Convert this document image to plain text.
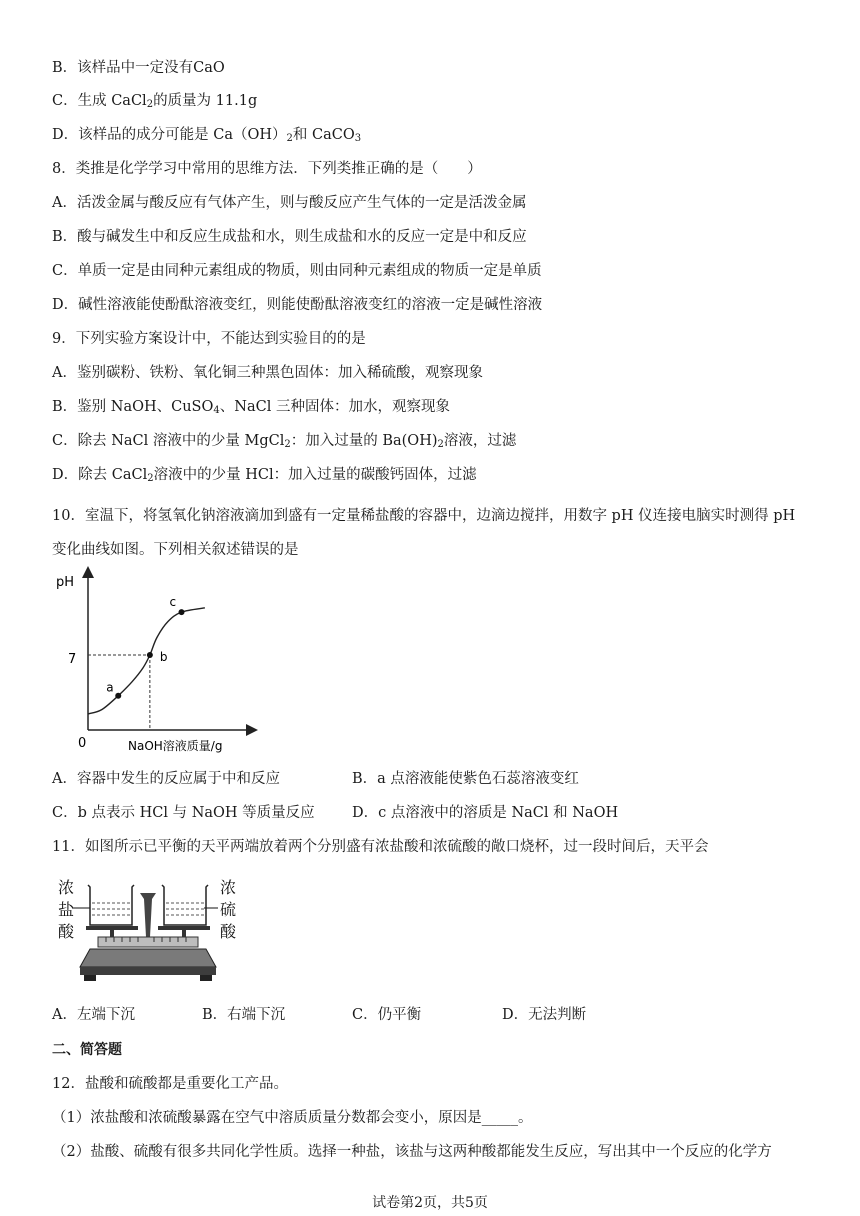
B．该样品中一定没有CaO
C．生成 CaCl$_2$的质量为 11.1g
D．该样品的成分可能是 $Ca(OH)_2$和 CaCO$_3$
8．类推是化学学习中常用的思维方法．下列类推正确的是（　　）
A．活泼金属与酸反应有气体产生，则与酸反应产生气体的一定是活泼金属
B．酸与碱发生中和反应生成盐和水，则生成盐和水的反应一定是中和反应
C．单质一定是由同种元素组成的物质，则由同种元素组成的物质一定是单质
D．碱性溶液能使酚酞溶液变红，则能使酚酞溶液变红的溶液一定是碱性溶液
9．下列实验方案设计中，不能达到实验目的的是
A．鉴别碳粉、铁粉、氧化铜三种黑色固体：加入稀硫酸，观察现象
B．鉴别 NaOH、CuSO$_4$、NaCl 三种固体：加水，观察现象
C．除去 NaCl 溶液中的少量 MgCl$_2$：加入过量的 $Ba(OH)_2$溶液，过滤
D．除去 CaCl$_2$溶液中的少量 HCl：加入过量的碳酸钙固体，过滤
10．室温下，将氢氧化钠溶液滴加到盛有一定量稀盐酸的容器中，边滴边搅拌，用数字 pH 仪连接电脑实时测得 pH 变化曲线如图。下列相关叙述错误的是
pH
NaOH溶液质量/g
0
7
a
b
c
A．容器中发生的反应属于中和反应	B．a 点溶液能使紫色石蕊溶液变红
C．b 点表示 HCl 与 NaOH 等质量反应	D．c 点溶液中的溶质是 NaCl 和 NaOH
11．如图所示已平衡的天平两端放着两个分别盛有浓盐酸和浓硫酸的敞口烧杯，过一段时间后，天平会
浓
盐
酸
浓
硫
酸
A．左端下沉	B．右端下沉	C．仍平衡	D．无法判断
二、简答题
12．盐酸和硫酸都是重要化工产品。
（1）浓盐酸和浓硫酸暴露在空气中溶质质量分数都会变小，原因是_____。
（2）盐酸、硫酸有很多共同化学性质。选择一种盐，该盐与这两种酸都能发生反应，写出其中一个反应的化学方
试卷第2页，共5页
